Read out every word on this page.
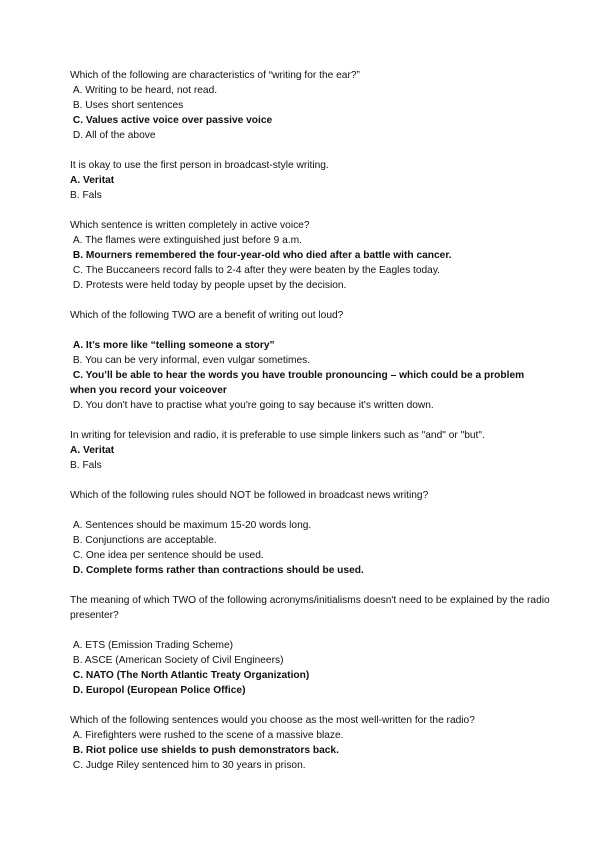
Which of the following are characteristics of “writing for the ear?”

A. Writing to be heard, not read.

B. Uses short sentences

C. Values active voice over passive voice

D. All of the above

It is okay to use the first person in broadcast-style writing.

A. Veritat

B. Fals

Which sentence is written completely in active voice?

A. The flames were extinguished just before 9 a.m.

B. Mourners remembered the four-year-old who died after a battle with cancer.

C. The Buccaneers record falls to 2-4 after they were beaten by the Eagles today.

D. Protests were held today by people upset by the decision.

Which of the following TWO are a benefit of writing out loud?

A. It’s more like “telling someone a story”

B. You can be very informal, even vulgar sometimes.

C. You’ll be able to hear the words you have trouble pronouncing – which could be a problem when you record your voiceover

D. You don't have to practise what you're going to say because it's written down.

In writing for television and radio, it is preferable to use simple linkers such as "and" or "but".

A. Veritat

B. Fals

Which of the following rules should NOT be followed in broadcast news writing?

A. Sentences should be maximum 15-20 words long.

B. Conjunctions are acceptable.

C. One idea per sentence should be used.

D. Complete forms rather than contractions should be used.

The meaning of which TWO of the following acronyms/initialisms doesn't need to be explained by the radio presenter?

A. ETS (Emission Trading Scheme)

B. ASCE (American Society of Civil Engineers)

C. NATO (The North Atlantic Treaty Organization)

D. Europol (European Police Office)

Which of the following sentences would you choose as the most well-written for the radio?

A. Firefighters were rushed to the scene of a massive blaze.

B. Riot police use shields to push demonstrators back.

C. Judge Riley sentenced him to 30 years in prison.
